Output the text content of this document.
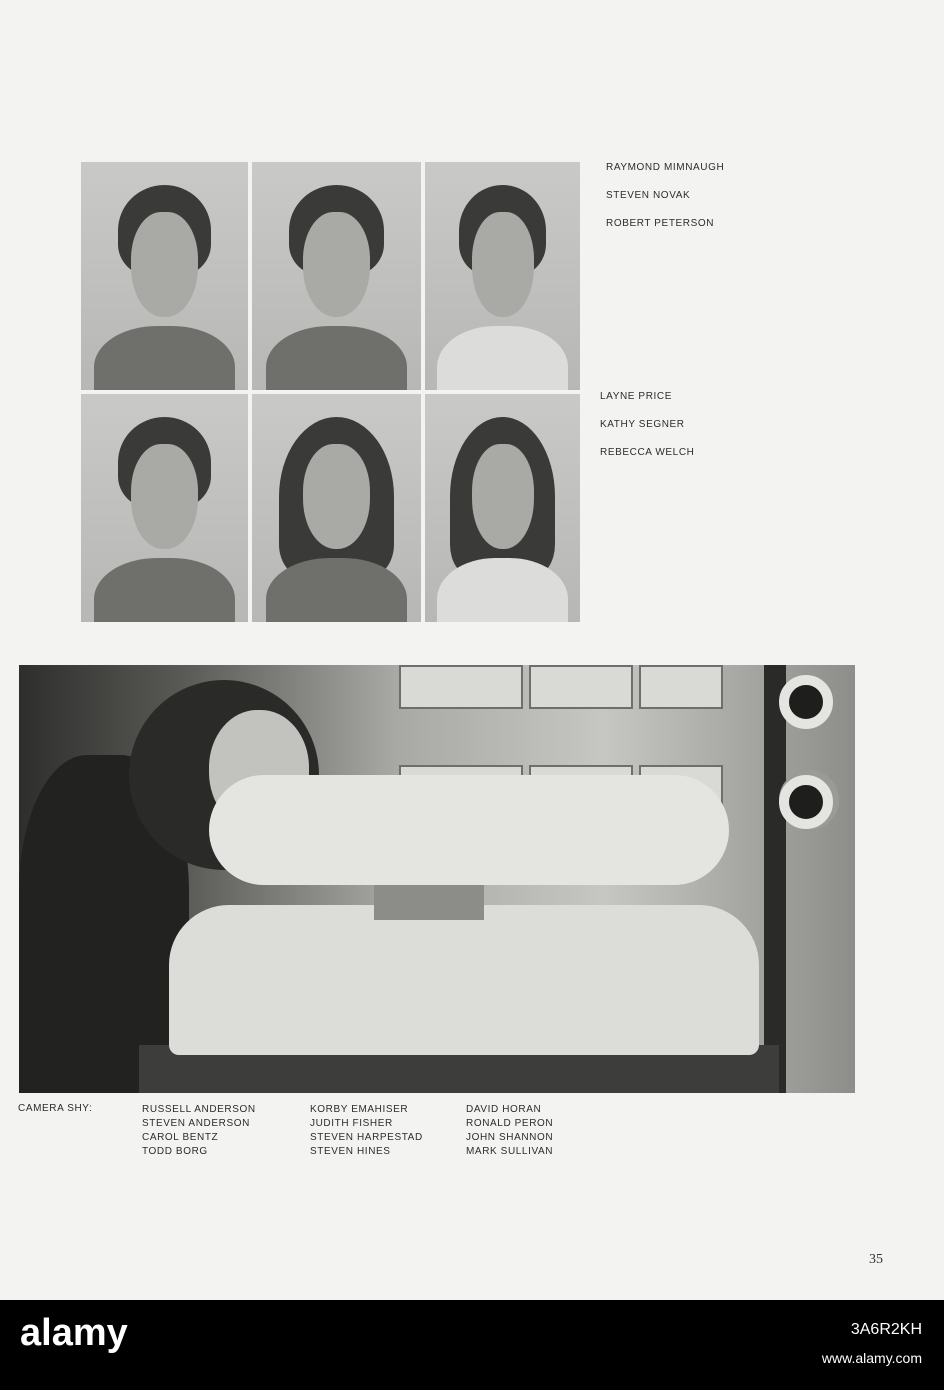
RAYMOND MIMNAUGH
STEVEN NOVAK
ROBERT PETERSON
LAYNE PRICE
KATHY SEGNER
REBECCA WELCH
CAMERA SHY:	RUSSELL ANDERSON
STEVEN ANDERSON
CAROL BENTZ
TODD BORG
KORBY EMAHISER
JUDITH FISHER
STEVEN HARPESTAD
STEVEN HINES
DAVID HORAN
RONALD PERON
JOHN SHANNON
MARK SULLIVAN
35
alamy	3A6R2KH
www.alamy.com
